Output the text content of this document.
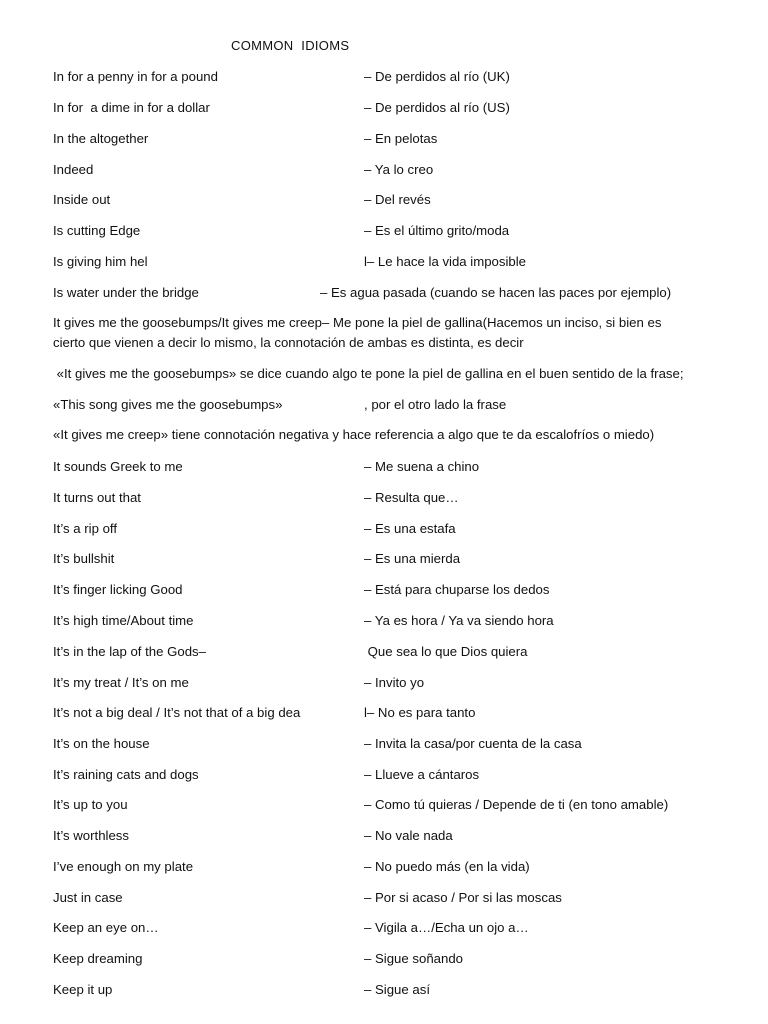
COMMON  IDIOMS
In for a penny in for a pound	– De perdidos al río (UK)
In for  a dime in for a dollar	– De perdidos al río (US)
In the altogether	– En pelotas
Indeed	– Ya lo creo
Inside out	– Del revés
Is cutting Edge	– Es el último grito/moda
Is giving him hel	l– Le hace la vida imposible
Is water under the bridge	– Es agua pasada (cuando se hacen las paces por ejemplo)
It gives me the goosebumps/It gives me creep– Me pone la piel de gallina(Hacemos un inciso, si bien es
cierto que vienen a decir lo mismo, la connotación de ambas es distinta, es decir
«It gives me the goosebumps» se dice cuando algo te pone la piel de gallina en el buen sentido de la frase;
«This song gives me the goosebumps»	, por el otro lado la frase
«It gives me creep» tiene connotación negativa y hace referencia a algo que te da escalofríos o miedo)
It sounds Greek to me	– Me suena a chino
It turns out that	– Resulta que…
It’s a rip off	– Es una estafa
It’s bullshit	– Es una mierda
It’s finger licking Good	– Está para chuparse los dedos
It’s high time/About time	– Ya es hora / Ya va siendo hora
It’s in the lap of the Gods–	Que sea lo que Dios quiera
It’s my treat / It’s on me	– Invito yo
It’s not a big deal / It’s not that of a big dea	l– No es para tanto
It’s on the house	– Invita la casa/por cuenta de la casa
It’s raining cats and dogs	– Llueve a cántaros
It’s up to you	– Como tú quieras / Depende de ti (en tono amable)
It’s worthless	– No vale nada
I’ve enough on my plate	– No puedo más (en la vida)
Just in case	– Por si acaso / Por si las moscas
Keep an eye on…	– Vigila a…/Echa un ojo a…
Keep dreaming	– Sigue soñando
Keep it up	– Sigue así
